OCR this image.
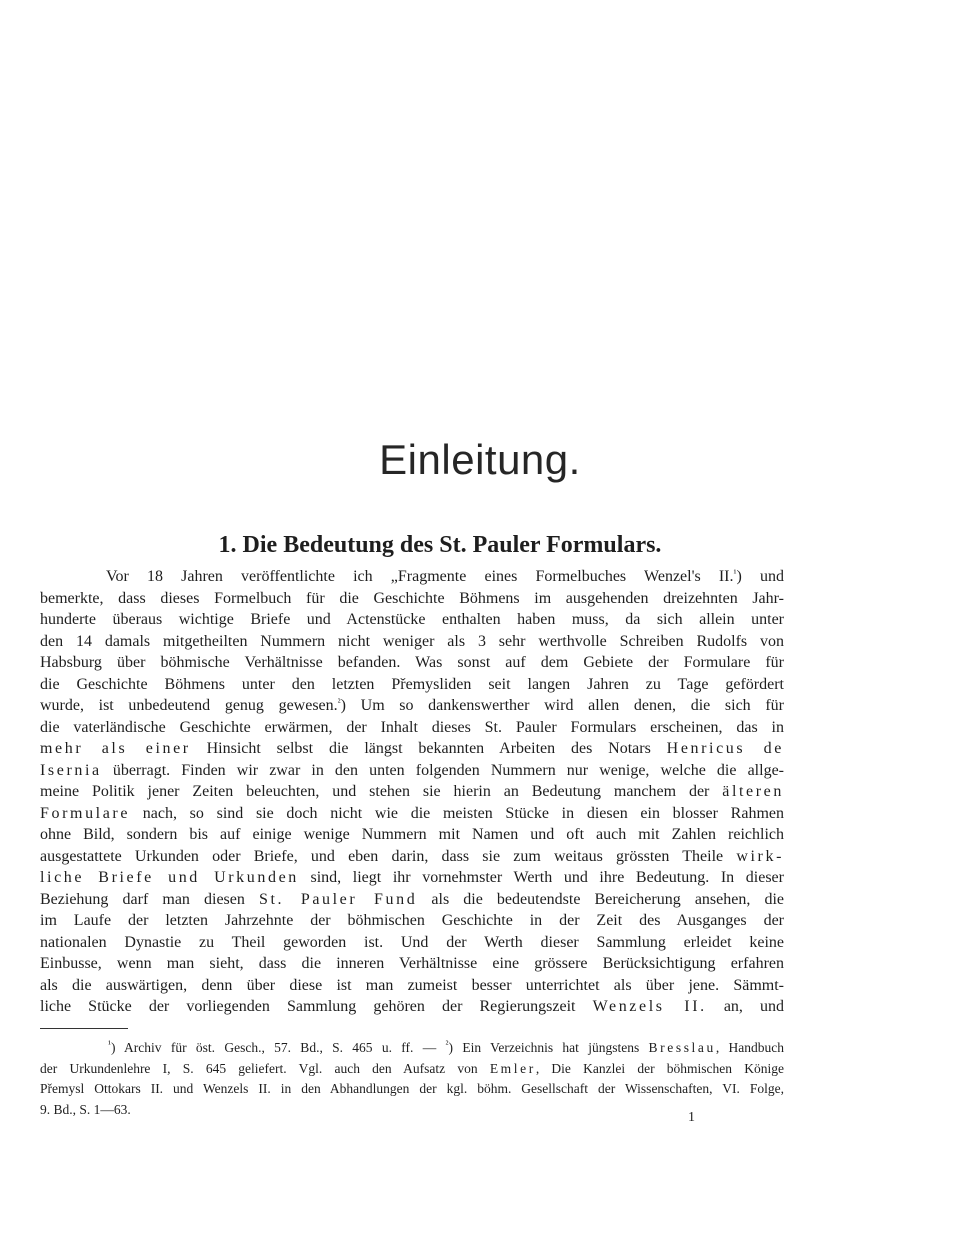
Einleitung.
1. Die Bedeutung des St. Pauler Formulars.
Vor 18 Jahren veröffentlichte ich „Fragmente eines Formelbuches Wenzel's II.$^{^1}$) und
bemerkte, dass dieses Formelbuch für die Geschichte Böhmens im ausgehenden dreizehnten Jahr-
hunderte überaus wichtige Briefe und Actenstücke enthalten haben muss, da sich allein unter
den 14 damals mitgetheilten Nummern nicht weniger als 3 sehr werthvolle Schreiben Rudolfs von
Habsburg über böhmische Verhältnisse befanden. Was sonst auf dem Gebiete der Formulare für
die Geschichte Böhmens unter den letzten Přemysliden seit langen Jahren zu Tage gefördert
wurde, ist unbedeutend genug gewesen.$^{^2}$) Um so dankenswerther wird allen denen, die sich für
die vaterländische Geschichte erwärmen, der Inhalt dieses St. Pauler Formulars erscheinen, das in
mehr als einer Hinsicht selbst die längst bekannten Arbeiten des Notars Henricus de
Isernia überragt. Finden wir zwar in den unten folgenden Nummern nur wenige, welche die allge-
meine Politik jener Zeiten beleuchten, und stehen sie hierin an Bedeutung manchem der älteren
Formulare nach, so sind sie doch nicht wie die meisten Stücke in diesen ein blosser Rahmen
ohne Bild, sondern bis auf einige wenige Nummern mit Namen und oft auch mit Zahlen reichlich
ausgestattete Urkunden oder Briefe, und eben darin, dass sie zum weitaus grössten Theile wirk-
liche Briefe und Urkunden sind, liegt ihr vornehmster Werth und ihre Bedeutung. In dieser
Beziehung darf man diesen St. Pauler Fund als die bedeutendste Bereicherung ansehen, die
im Laufe der letzten Jahrzehnte der böhmischen Geschichte in der Zeit des Ausganges der
nationalen Dynastie zu Theil geworden ist. Und der Werth dieser Sammlung erleidet keine
Einbusse, wenn man sieht, dass die inneren Verhältnisse eine grössere Berücksichtigung erfahren
als die auswärtigen, denn über diese ist man zumeist besser unterrichtet als über jene. Sämmt-
liche Stücke der vorliegenden Sammlung gehören der Regierungszeit Wenzels II. an, und
$^{^1}$) Archiv für öst. Gesch., 57. Bd., S. 465 u. ff. — $^{^2}$) Ein Verzeichnis hat jüngstens Bresslau, Handbuch
der Urkundenlehre I, S. 645 geliefert. Vgl. auch den Aufsatz von Emler, Die Kanzlei der böhmischen Könige
Přemysl Ottokars II. und Wenzels II. in den Abhandlungen der kgl. böhm. Gesellschaft der Wissenschaften, VI. Folge,
9. Bd., S. 1—63.
1
